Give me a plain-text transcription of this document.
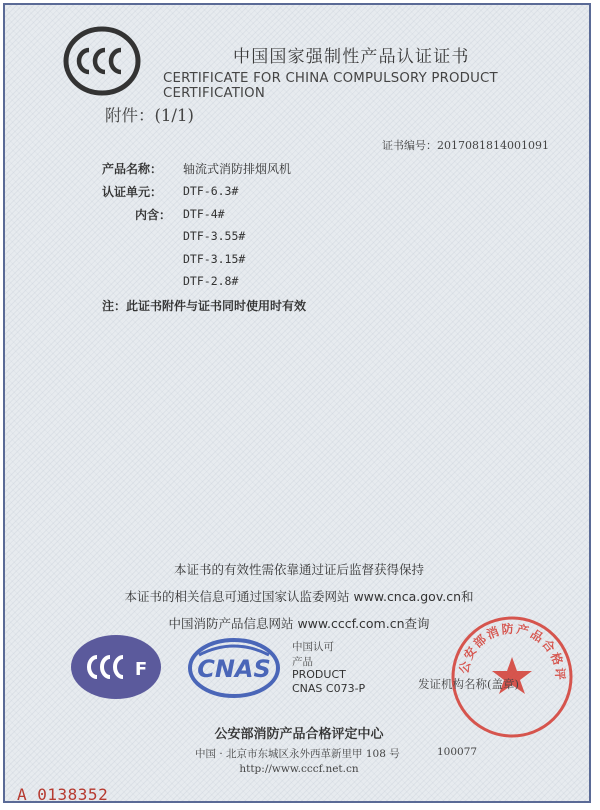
中国国家强制性产品认证证书
CERTIFICATE FOR CHINA COMPULSORY PRODUCT CERTIFICATION
附件：(1/1)
证书编号：2017081814001091
产品名称： 轴流式消防排烟风机
认证单元： DTF-6.3#
内含： DTF-4#
DTF-3.55#
DTF-3.15#
DTF-2.8#
注：此证书附件与证书同时使用时有效
本证书的有效性需依靠通过证后监督获得保持
本证书的相关信息可通过国家认监委网站 www.cnca.gov.cn和
中国消防产品信息网站 www.cccf.com.cn查询
F CNAS
中国认可
产品
PRODUCT
CNAS C073-P
公安部消防产品合格评
发证机构名称(盖章)
公安部消防产品合格评定中心
中国 · 北京市东城区永外西革新里甲 108 号	100077
http://www.cccf.net.cn
A 0138352
